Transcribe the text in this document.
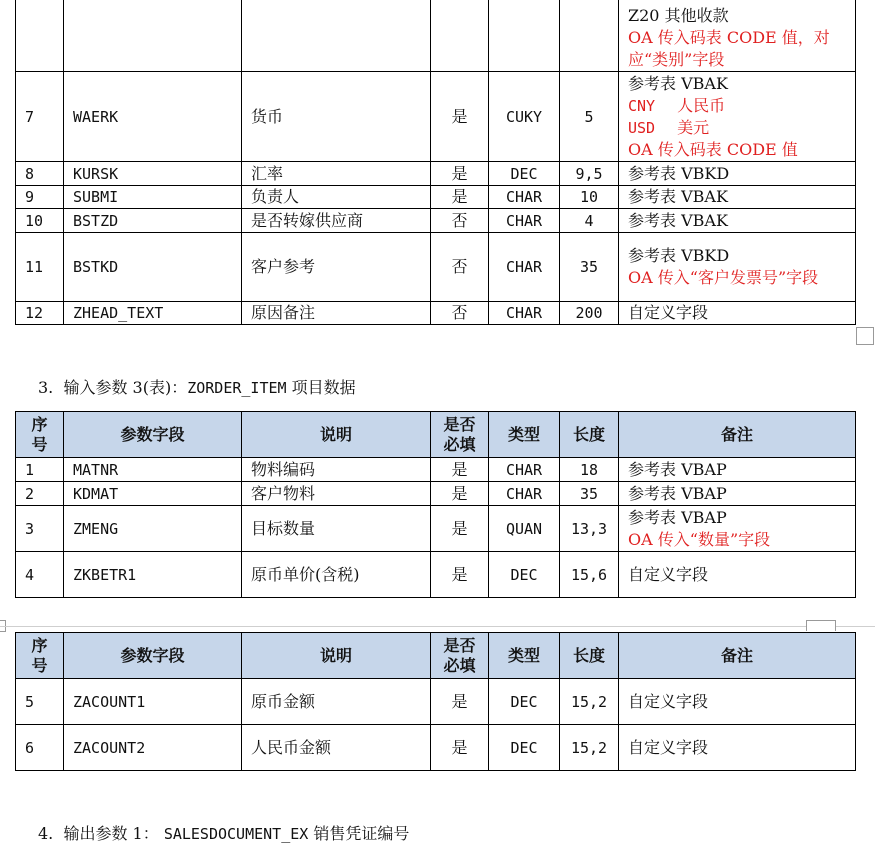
						Z20 其他收款
OA 传入码表 CODE 值，对应“类别”字段

7	WAERK	货币	是	CUKY	5	参考表 VBAK
CNY 人民币
USD 美元
OA 传入码表 CODE 值

8	KURSK	汇率	是	DEC	9,5	参考表 VBKD

9	SUBMI	负责人	是	CHAR	10	参考表 VBAK

10	BSTZD	是否转嫁供应商	否	CHAR	4	参考表 VBAK

11	BSTKD	客户参考	否	CHAR	35	参考表 VBKD
OA 传入“客户发票号”字段

12	ZHEAD_TEXT	原因备注	否	CHAR	200	自定义字段
3. 输入参数 3(表)：ZORDER_ITEM 项目数据
序号	参数字段	说明	是否必填	类型	长度	备注
1	MATNR	物料编码	是	CHAR	18	参考表 VBAP

2	KDMAT	客户物料	是	CHAR	35	参考表 VBAP

3	ZMENG	目标数量	是	QUAN	13,3	参考表 VBAP
OA 传入“数量”字段

4	ZKBETR1	原币单价(含税)	是	DEC	15,6	自定义字段
序号	参数字段	说明	是否必填	类型	长度	备注
5	ZACOUNT1	原币金额	是	DEC	15,2	自定义字段

6	ZACOUNT2	人民币金额	是	DEC	15,2	自定义字段
4. 输出参数 1： SALESDOCUMENT_EX 销售凭证编号
